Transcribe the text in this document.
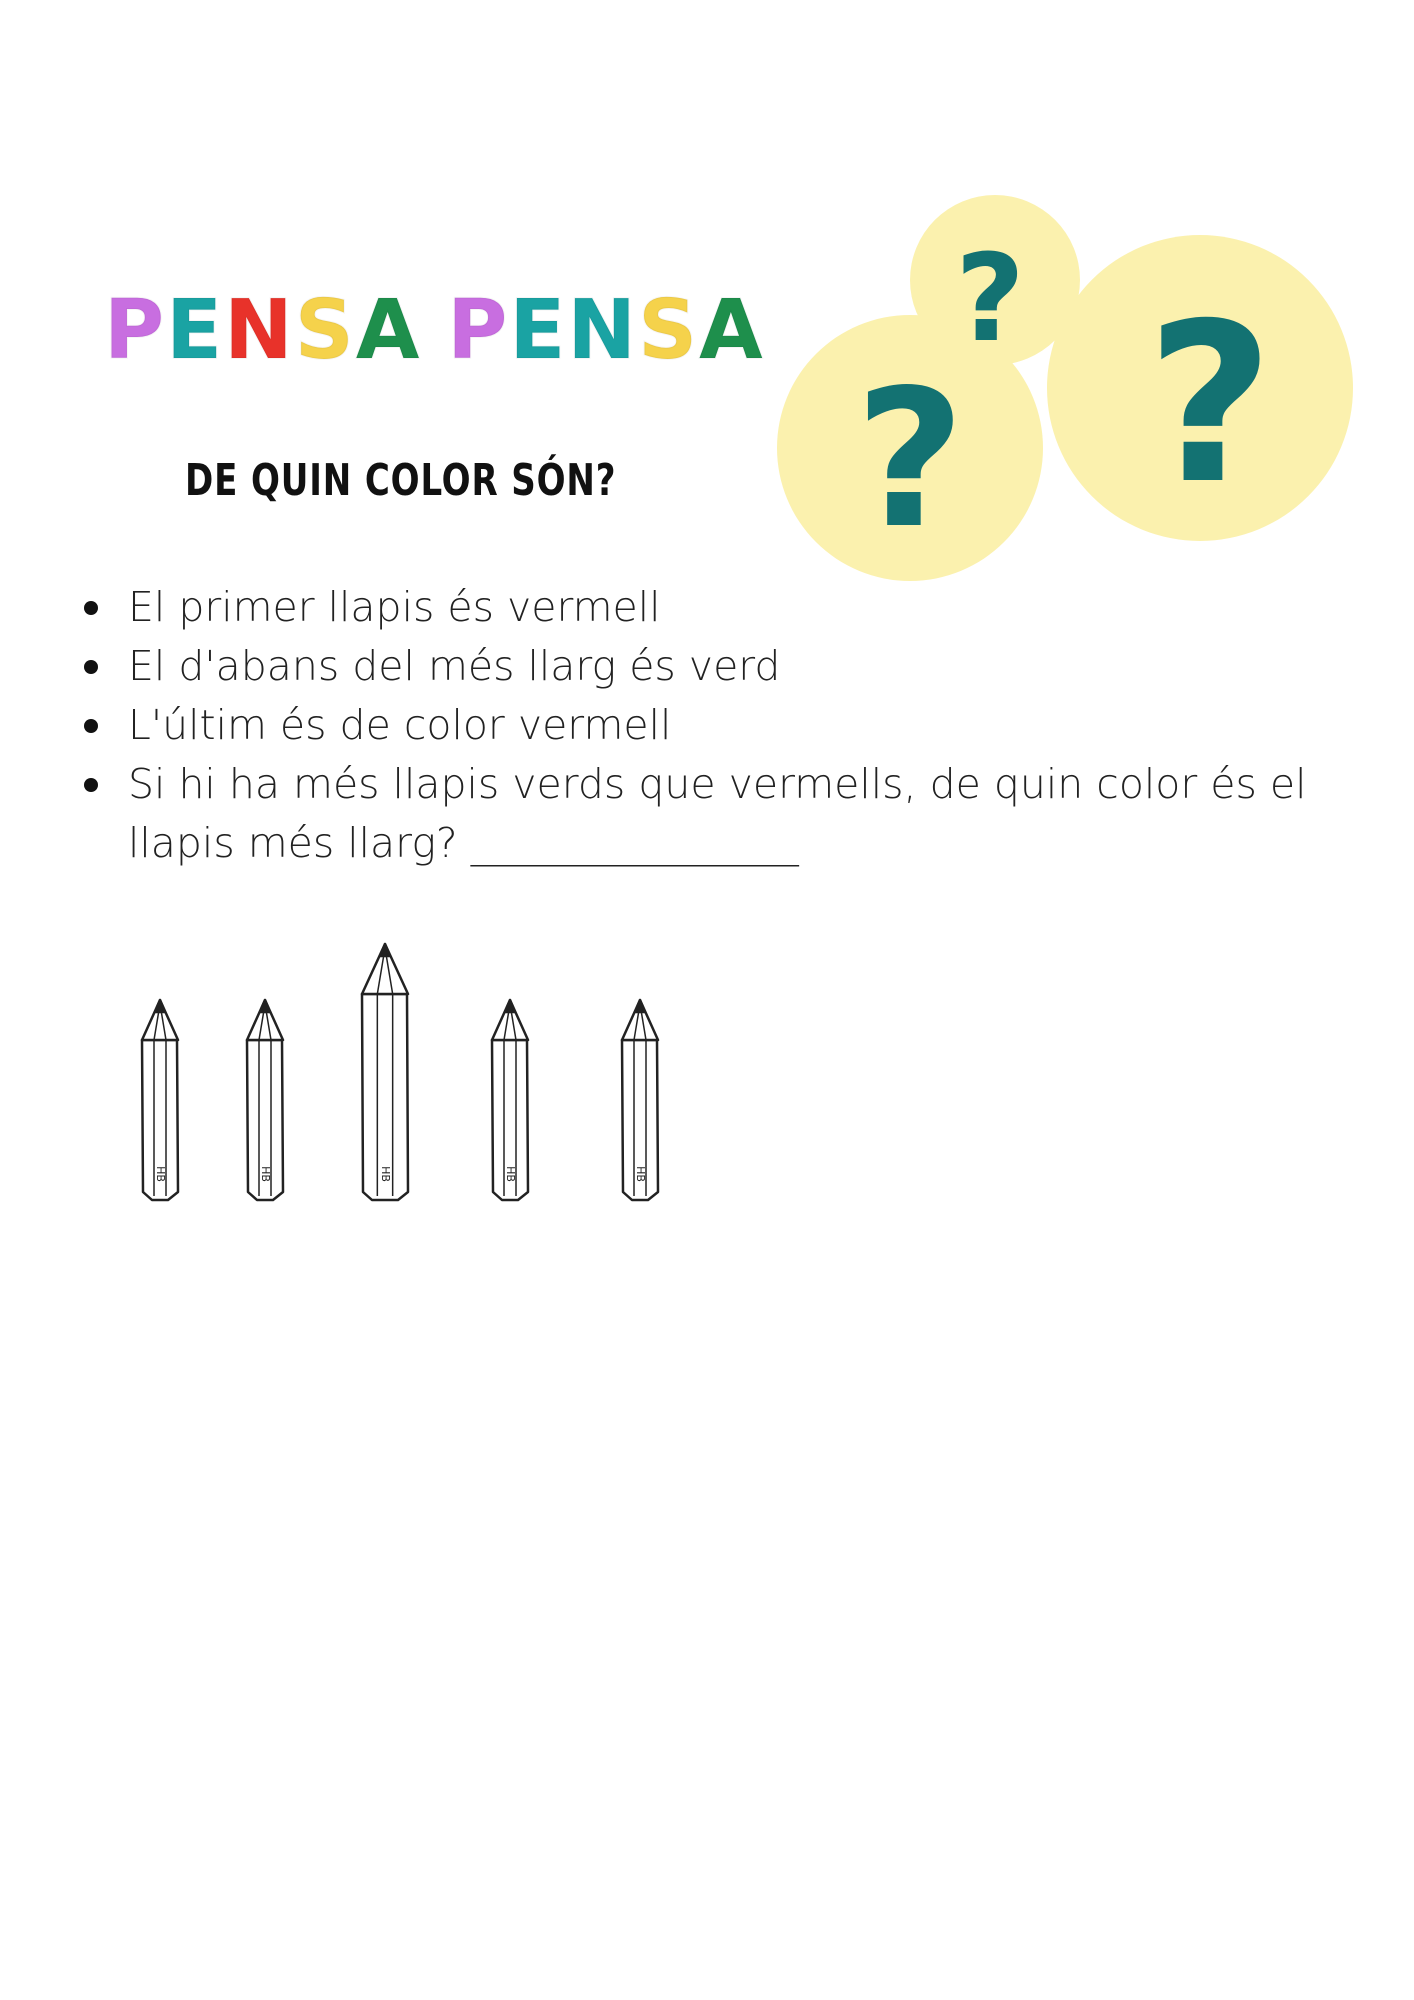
PENSA PENSA
DE QUIN COLOR SÓN?
?
? ?
El primer llapis és vermell
El d'abans del més llarg és verd
L'últim és de color vermell
Si hi ha més llapis verds que vermells, de quin color és el llapis més llarg? ________________
HB	HB	HB	HB	HB
